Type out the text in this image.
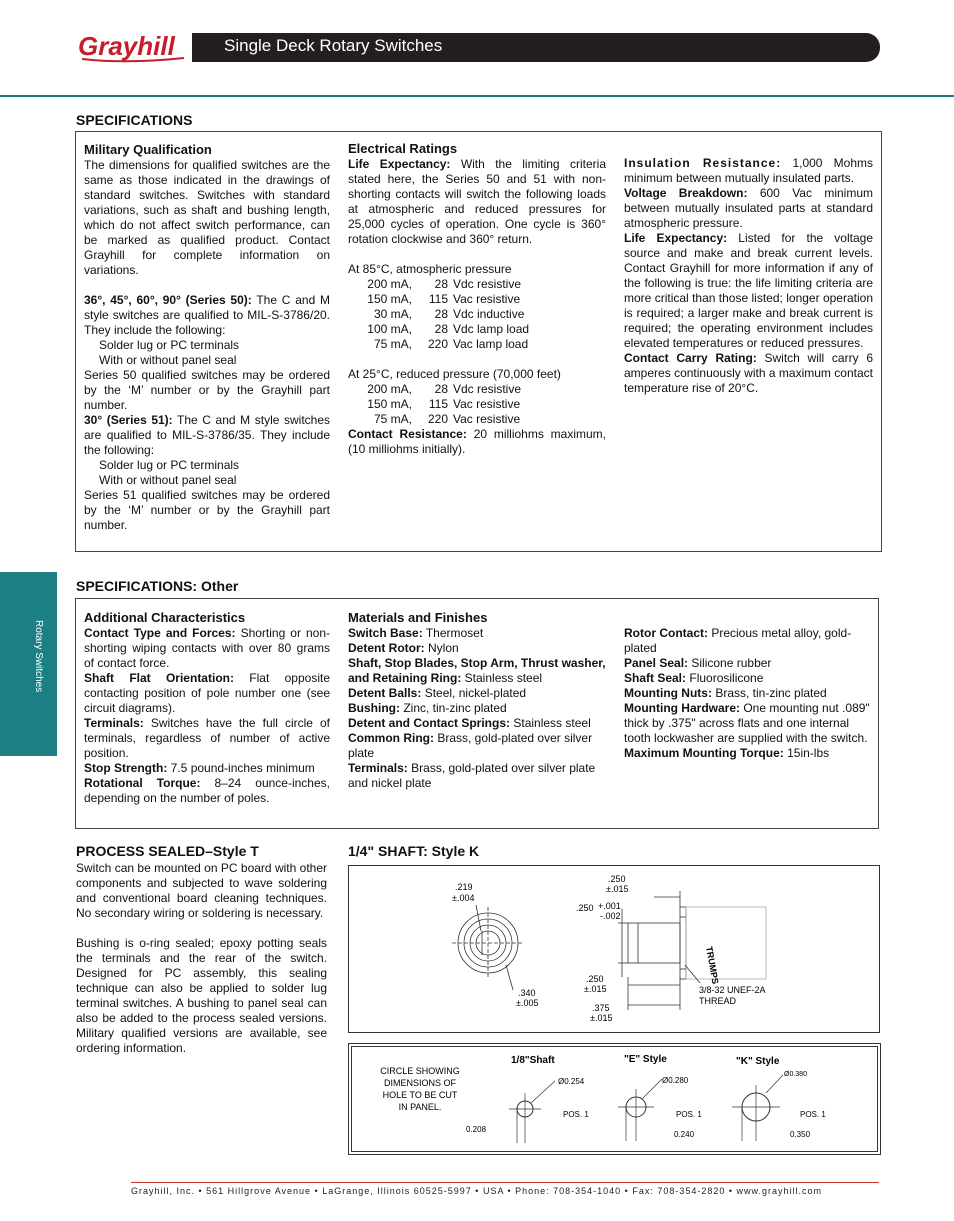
Grayhill	Single Deck Rotary Switches
Rotary Switches
SPECIFICATIONS
Military Qualification

The dimensions for qualified switches are the same as those indicated in the drawings of standard switches. Switches with standard variations, such as shaft and bushing length, which do not affect switch performance, can be marked as qualified product. Contact Grayhill for complete information on variations.

36°, 45°, 60°, 90° (Series 50): The C and M style switches are qualified to MIL-S-3786/20. They include the following:

Solder lug or PC terminals
With or without panel seal

Series 50 qualified switches may be ordered by the ‘M’ number or by the Grayhill part number.

30° (Series 51): The C and M style switches are qualified to MIL-S-3786/35. They include the following:

Solder lug or PC terminals
With or without panel seal

Series 51 qualified switches may be ordered by the ‘M’ number or by the Grayhill part number.

Electrical Ratings

Life Expectancy: With the limiting criteria stated here, the Series 50 and 51 with non-shorting contacts will switch the following loads at atmospheric and reduced pressures for 25,000 cycles of operation. One cycle is 360° rotation clockwise and 360° return.

At 85°C, atmospheric pressure
200 mA,	28 Vdc resistive
150 mA,	115 Vac resistive
30 mA,	28 Vdc inductive
100 mA,	28 Vdc lamp load
75 mA,	220 Vac lamp load
At 25°C, reduced pressure (70,000 feet)
200 mA,	28 Vdc resistive
150 mA,	115 Vac resistive
75 mA,	220 Vac resistive

Contact Resistance: 20 milliohms maximum, (10 milliohms initially).

Insulation Resistance: 1,000 Mohms minimum between mutually insulated parts.

Voltage Breakdown: 600 Vac minimum between mutually insulated parts at standard atmospheric pressure.

Life Expectancy: Listed for the voltage source and make and break current levels. Contact Grayhill for more information if any of the following is true: the life limiting criteria are more critical than those listed; longer operation is required; a larger make and break current is required; the operating environment includes elevated temperatures or reduced pressures.

Contact Carry Rating: Switch will carry 6 amperes continuously with a maximum contact temperature rise of 20°C.

SPECIFICATIONS: Other
Additional Characteristics

Contact Type and Forces: Shorting or non-shorting wiping contacts with over 80 grams of contact force.

Shaft Flat Orientation: Flat opposite contacting position of pole number one (see circuit diagrams).

Terminals: Switches have the full circle of terminals, regardless of number of active position.

Stop Strength: 7.5 pound-inches minimum

Rotational Torque: 8–24 ounce-inches, depending on the number of poles.

Materials and Finishes

Switch Base: Thermoset

Detent Rotor: Nylon

Shaft, Stop Blades, Stop Arm, Thrust washer, and Retaining Ring: Stainless steel

Detent Balls: Steel, nickel-plated

Bushing: Zinc, tin-zinc plated

Detent and Contact Springs: Stainless steel

Common Ring: Brass, gold-plated over silver plate

Terminals: Brass, gold-plated over silver plate and nickel plate

Rotor Contact: Precious metal alloy, gold-plated

Panel Seal: Silicone rubber

Shaft Seal: Fluorosilicone

Mounting Nuts: Brass, tin-zinc plated

Mounting Hardware: One mounting nut .089" thick by .375" across flats and one internal tooth lockwasher are supplied with the switch.

Maximum Mounting Torque: 15in-lbs

PROCESS SEALED–Style T

Switch can be mounted on PC board with other components and subjected to wave soldering and conventional board cleaning techniques. No secondary wiring or soldering is necessary.

Bushing is o-ring sealed; epoxy potting seals the terminals and the rear of the switch. Designed for PC assembly, this sealing technique can also be applied to solder lug terminal switches. A bushing to panel seal can also be added to the process sealed versions. Military qualified versions are available, see ordering information.

1/4" SHAFT: Style K
.219
±.004
.340
±.005
TRUMPS
.250
±.015
.250 +.001
-.002
.250
±.015
.375
±.015
3/8-32 UNEF-2A
THREAD
CIRCLE SHOWING
DIMENSIONS OF
HOLE TO BE CUT
IN PANEL.
1/8"Shaft
Ø0.254
POS. 1
0.208
"E" Style
Ø0.280
POS. 1
0.240
"K" Style
Ø0.380
POS. 1
0.350
Grayhill, Inc. • 561 Hillgrove Avenue • LaGrange, Illinois 60525-5997 • USA • Phone: 708-354-1040 • Fax: 708-354-2820 • www.grayhill.com
